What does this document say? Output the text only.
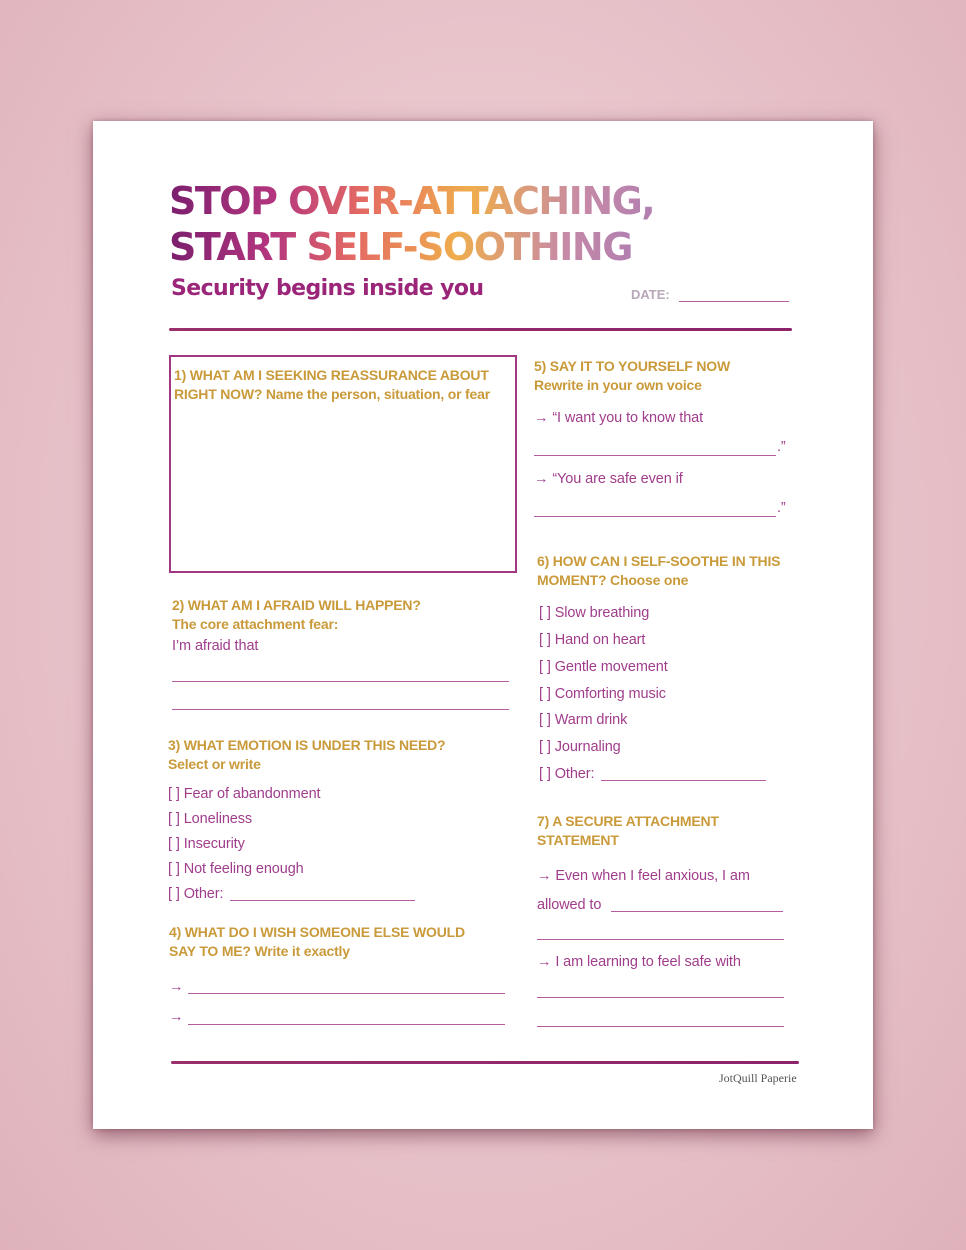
STOP OVER-ATTACHING,
START SELF-SOOTHING
Security begins inside you	DATE:
1) WHAT AM I SEEKING REASSURANCE ABOUT
RIGHT NOW? Name the person, situation, or fear
2) WHAT AM I AFRAID WILL HAPPEN?
The core attachment fear:
I’m afraid that
3) WHAT EMOTION IS UNDER THIS NEED?
Select or write
[ ] Fear of abandonment
[ ] Loneliness
[ ] Insecurity
[ ] Not feeling enough
[ ] Other:
4) WHAT DO I WISH SOMEONE ELSE WOULD
SAY TO ME? Write it exactly
→
→
5) SAY IT TO YOURSELF NOW
Rewrite in your own voice
→ “I want you to know that
.”
→ “You are safe even if
.”
6) HOW CAN I SELF-SOOTHE IN THIS
MOMENT? Choose one
[ ] Slow breathing
[ ] Hand on heart
[ ] Gentle movement
[ ] Comforting music
[ ] Warm drink
[ ] Journaling
[ ] Other:
7) A SECURE ATTACHMENT
STATEMENT
→ Even when I feel anxious, I am
allowed to
→ I am learning to feel safe with
JotQuill Paperie
